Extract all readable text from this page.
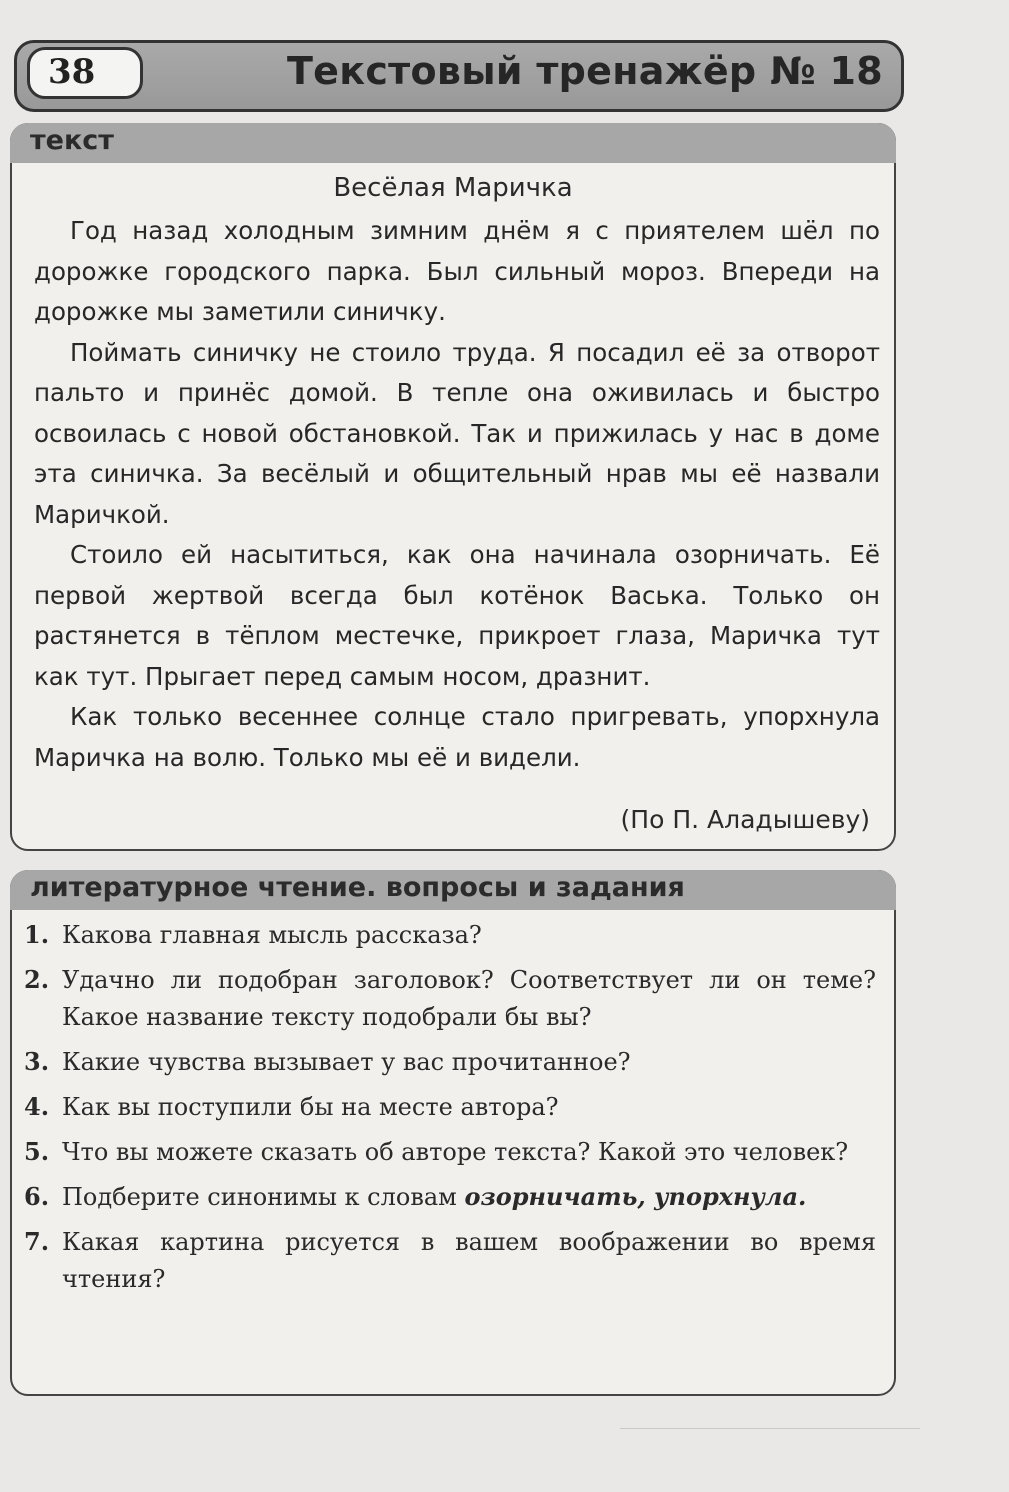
38	Текстовый тренажёр № 18
текст
Весёлая Маричка

Год назад холодным зимним днём я с приятелем шёл по дорожке городского парка. Был сильный мороз. Впереди на дорожке мы заметили синичку.

Поймать синичку не стоило труда. Я посадил её за отворот пальто и принёс домой. В тепле она оживилась и быстро освоилась с новой обстановкой. Так и прижилась у нас в доме эта синичка. За весёлый и общительный нрав мы её назвали Маричкой.

Стоило ей насытиться, как она начинала озорничать. Её первой жертвой всегда был котёнок Васька. Только он растянется в тёплом местечке, прикроет глаза, Маричка тут как тут. Прыгает перед самым носом, дразнит.

Как только весеннее солнце стало пригревать, упорхнула Маричка на волю. Только мы её и видели.

(По П. Аладышеву)
литературное чтение. вопросы и задания
1. Какова главная мысль рассказа?
2. Удачно ли подобран заголовок? Соответствует ли он теме? Какое название тексту подобрали бы вы?
3. Какие чувства вызывает у вас прочитанное?
4. Как вы поступили бы на месте автора?
5. Что вы можете сказать об авторе текста? Какой это человек?
6. Подберите синонимы к словам озорничать, упорхнула.
7. Какая картина рисуется в вашем воображении во время чтения?
